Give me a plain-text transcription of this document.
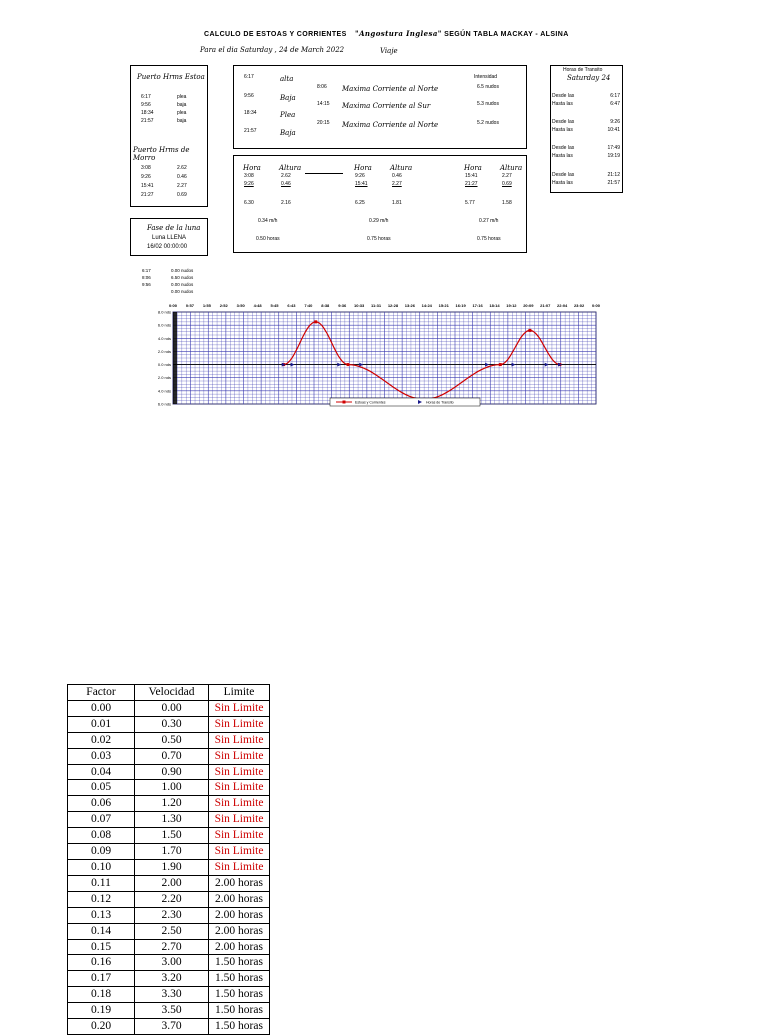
CALCULO DE ESTOAS Y CORRIENTES "Angostura Inglesa" SEGÚN TABLA MACKAY - ALSINA
Para el dia Saturday , 24 de March 2022	Viaje
Puerto Hrms Estoa
6:17	plea
9:56	baja
18:34	plea
21:57	baja
Puerto Hrms de Morro
3:08	2.62
9:26	0.46
15:41	2.27
21:27	0.69
Fase de la luna
Luna LLENA
16/02 00:00:00
6:17	alta
9:56	Baja
18:34	Plea
21:57	Baja
8:06 Maxima Corriente al Norte	6.5 nudos
14:15 Maxima Corriente al Sur	5.3 nudos
20:15 Maxima Corriente al Norte	5.2 nudos
Intensidad
Hora	Altura
3:08	2.62
9:26	0.46
6.30	2.16
0.34 m/h
0.50 horas
Hora	Altura
9:26	0.46
15:41	2.27
6.25	1.81
0.29 m/h
0.75 horas
Hora	Altura
15:41	2.27
21:27	0.69
5.77	1.58
0.27 m/h
0.75 horas
Horas de Transito
Saturday 24
Desde las	6:17
Hasta las	6:47
Desde las	9:26
Hasta las	10:41
Desde las	17:49
Hasta las	19:19
Desde las	21:12
Hasta las	21:57
6:17	0.00 nudos
8:06	6.50 nudos
9:56	0.00 nudos
0.00 nudos
0:00 0:57 1:55 2:52 3:50 4:48 5:45 6:43 7:40 8:38 9:36 10:33 11:31 12:28 13:26 14:24 15:21 16:19 17:16 18:14 19:12 20:09 21:07 22:04 23:02 0:00
8.0 nds
6.0 nds
4.0 nds
2.0 nds
0.0 nds
2.0 nds
4.0 nds
6.0 nds	Estoas y Corrientes	Horas de Transito
Factor	Velocidad	Limite
0.00	0.00	Sin Limite
0.01	0.30	Sin Limite
0.02	0.50	Sin Limite
0.03	0.70	Sin Limite
0.04	0.90	Sin Limite
0.05	1.00	Sin Limite
0.06	1.20	Sin Limite
0.07	1.30	Sin Limite
0.08	1.50	Sin Limite
0.09	1.70	Sin Limite
0.10	1.90	Sin Limite
0.11	2.00	2.00 horas
0.12	2.20	2.00 horas
0.13	2.30	2.00 horas
0.14	2.50	2.00 horas
0.15	2.70	2.00 horas
0.16	3.00	1.50 horas
0.17	3.20	1.50 horas
0.18	3.30	1.50 horas
0.19	3.50	1.50 horas
0.20	3.70	1.50 horas
